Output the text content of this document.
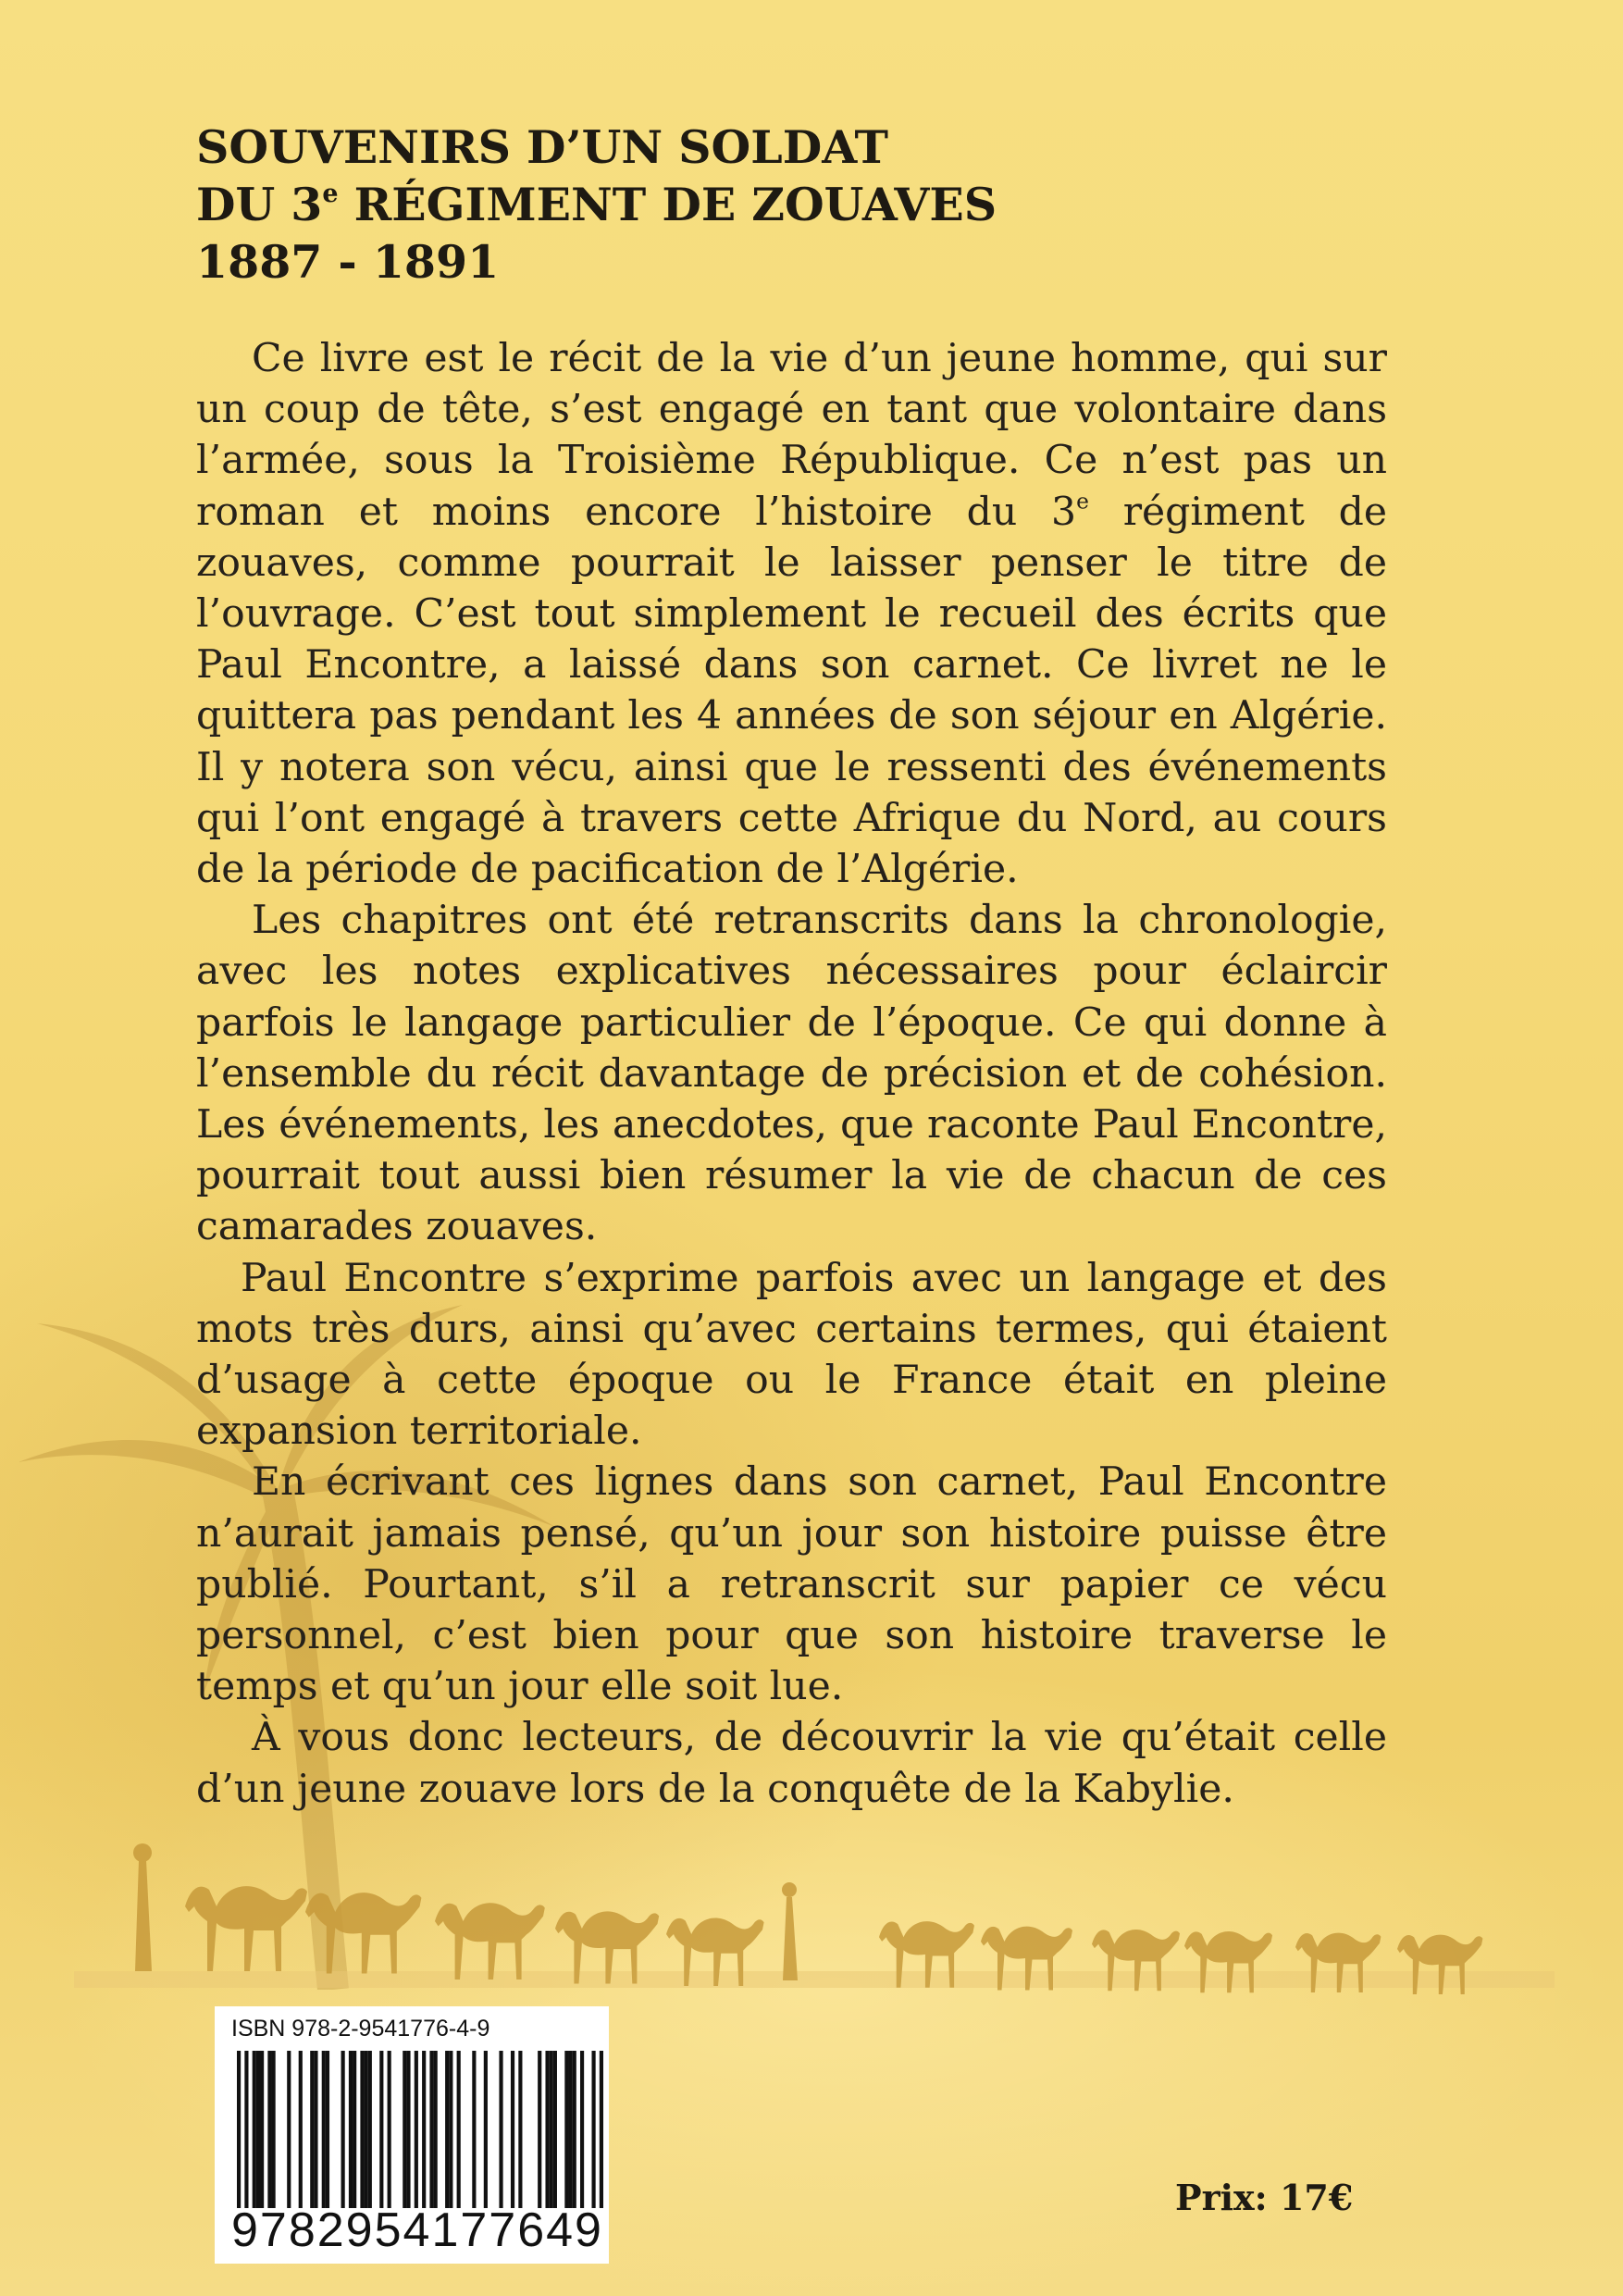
SOUVENIRS D’UN SOLDAT
DU 3e RÉGIMENT DE ZOUAVES
1887 - 1891

Ce livre est le récit de la vie d’un jeune homme, qui sur un coup de tête, s’est engagé en tant que volontaire dans l’armée, sous la Troisième République. Ce n’est pas un roman et moins encore l’histoire du 3e régiment de zouaves, comme pourrait le laisser penser le titre de l’ouvrage. C’est tout simplement le recueil des écrits que Paul Encontre, a laissé dans son carnet. Ce livret ne le quittera pas pendant les 4 années de son séjour en Algérie. Il y notera son vécu, ainsi que le ressenti des événements qui l’ont engagé à travers cette Afrique du Nord, au cours de la période de pacification de l’Algérie.

Les chapitres ont été retranscrits dans la chronologie, avec les notes explicatives nécessaires pour éclaircir parfois le langage particulier de l’époque. Ce qui donne à l’ensemble du récit davantage de précision et de cohésion. Les événements, les anecdotes, que raconte Paul Encontre, pourrait tout aussi bien résumer la vie de chacun de ces camarades zouaves.

Paul Encontre s’exprime parfois avec un langage et des mots très durs, ainsi qu’avec certains termes, qui étaient d’usage à cette époque ou le France était en pleine expansion territoriale.

En écrivant ces lignes dans son carnet, Paul Encontre n’aurait jamais pensé, qu’un jour son histoire puisse être publié. Pourtant, s’il a retranscrit sur papier ce vécu personnel, c’est bien pour que son histoire traverse le temps et qu’un jour elle soit lue.

À vous donc lecteurs, de découvrir la vie qu’était celle d’un jeune zouave lors de la conquête de la Kabylie.

ISBN 978-2-9541776-4-9
9782954177649
Prix: 17€
